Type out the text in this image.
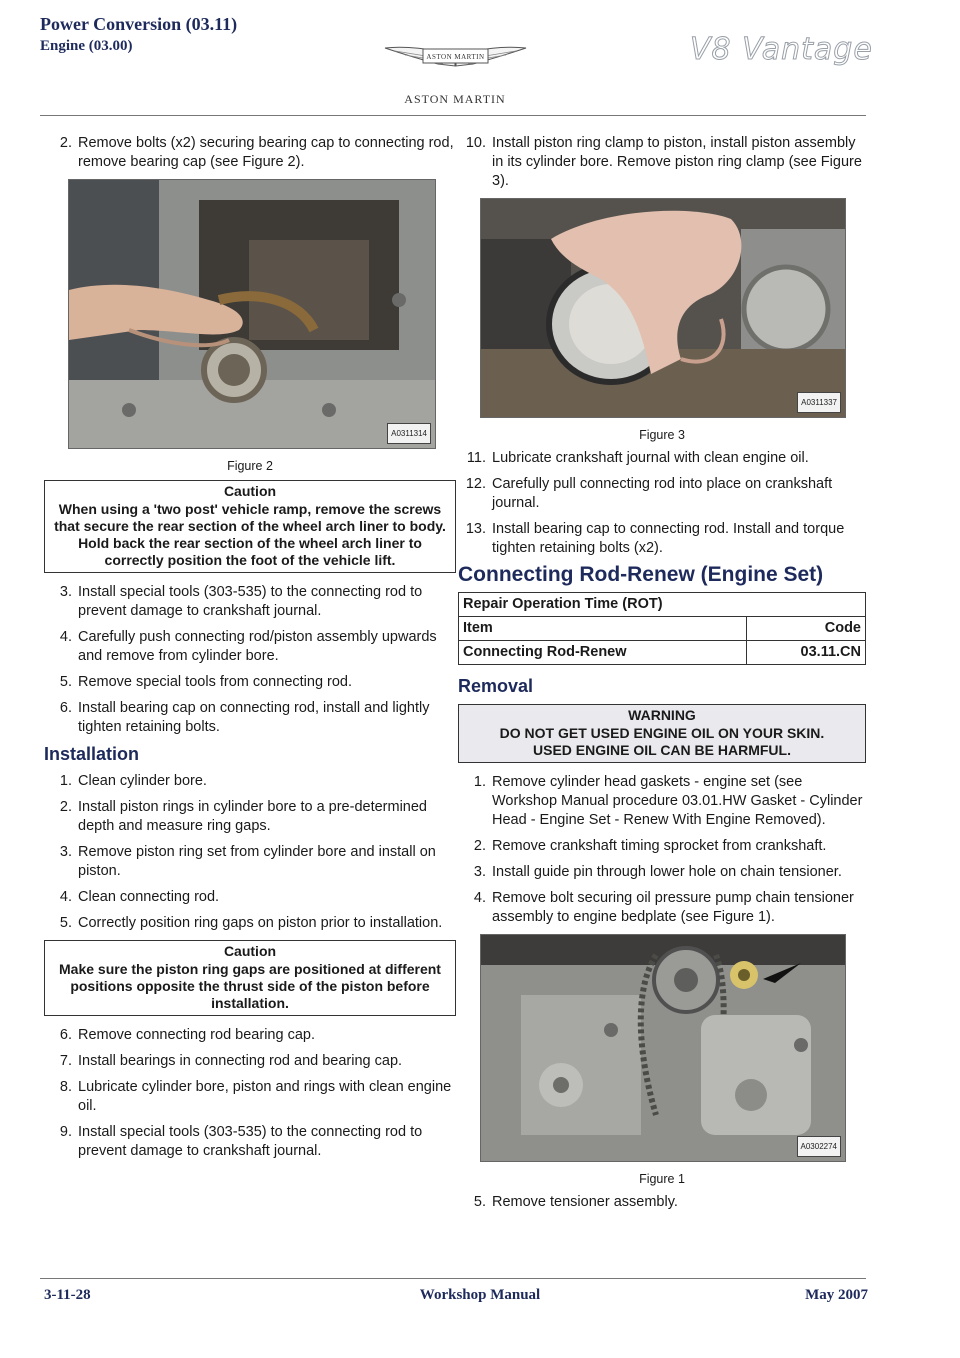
Power Conversion (03.11)
Engine (03.00)
ASTON MARTIN
ASTON MARTIN
V8 Vantage
2. Remove bolts (x2) securing bearing cap to connecting rod, remove bearing cap (see Figure 2).
A0311314
Figure 2
Caution
When using a 'two post' vehicle ramp, remove the screws that secure the rear section of the wheel arch liner to body. Hold back the rear section of the wheel arch liner to correctly position the foot of the vehicle lift.
3. Install special tools (303-535) to the connecting rod to prevent damage to crankshaft journal.
4. Carefully push connecting rod/piston assembly upwards and remove from cylinder bore.
5. Remove special tools from connecting rod.
6. Install bearing cap on connecting rod, install and lightly tighten retaining bolts.
Installation
1. Clean cylinder bore.
2. Install piston rings in cylinder bore to a pre-determined depth and measure ring gaps.
3. Remove piston ring set from cylinder bore and install on piston.
4. Clean connecting rod.
5. Correctly position ring gaps on piston prior to installation.
Caution
Make sure the piston ring gaps are positioned at different positions opposite the thrust side of the piston before installation.
6. Remove connecting rod bearing cap.
7. Install bearings in connecting rod and bearing cap.
8. Lubricate cylinder bore, piston and rings with clean engine oil.
9. Install special tools (303-535) to the connecting rod to prevent damage to crankshaft journal.
10. Install piston ring clamp to piston, install piston assembly in its cylinder bore. Remove piston ring clamp (see Figure 3).
A0311337
Figure 3
11. Lubricate crankshaft journal with clean engine oil.
12. Carefully pull connecting rod into place on crankshaft journal.
13. Install bearing cap to connecting rod. Install and torque tighten retaining bolts (x2).
Connecting Rod-Renew (Engine Set)
Repair Operation Time (ROT)	
Item	Code
Connecting Rod-Renew	03.11.CN
Removal
WARNING
DO NOT GET USED ENGINE OIL ON YOUR SKIN.
USED ENGINE OIL CAN BE HARMFUL.
1. Remove cylinder head gaskets - engine set (see Workshop Manual procedure 03.01.HW Gasket - Cylinder Head - Engine Set - Renew With Engine Removed).
2. Remove crankshaft timing sprocket from crankshaft.
3. Install guide pin through lower hole on chain tensioner.
4. Remove bolt securing oil pressure pump chain tensioner assembly to engine bedplate (see Figure 1).
A0302274
Figure 1
5. Remove tensioner assembly.
3-11-28	Workshop Manual	May 2007
